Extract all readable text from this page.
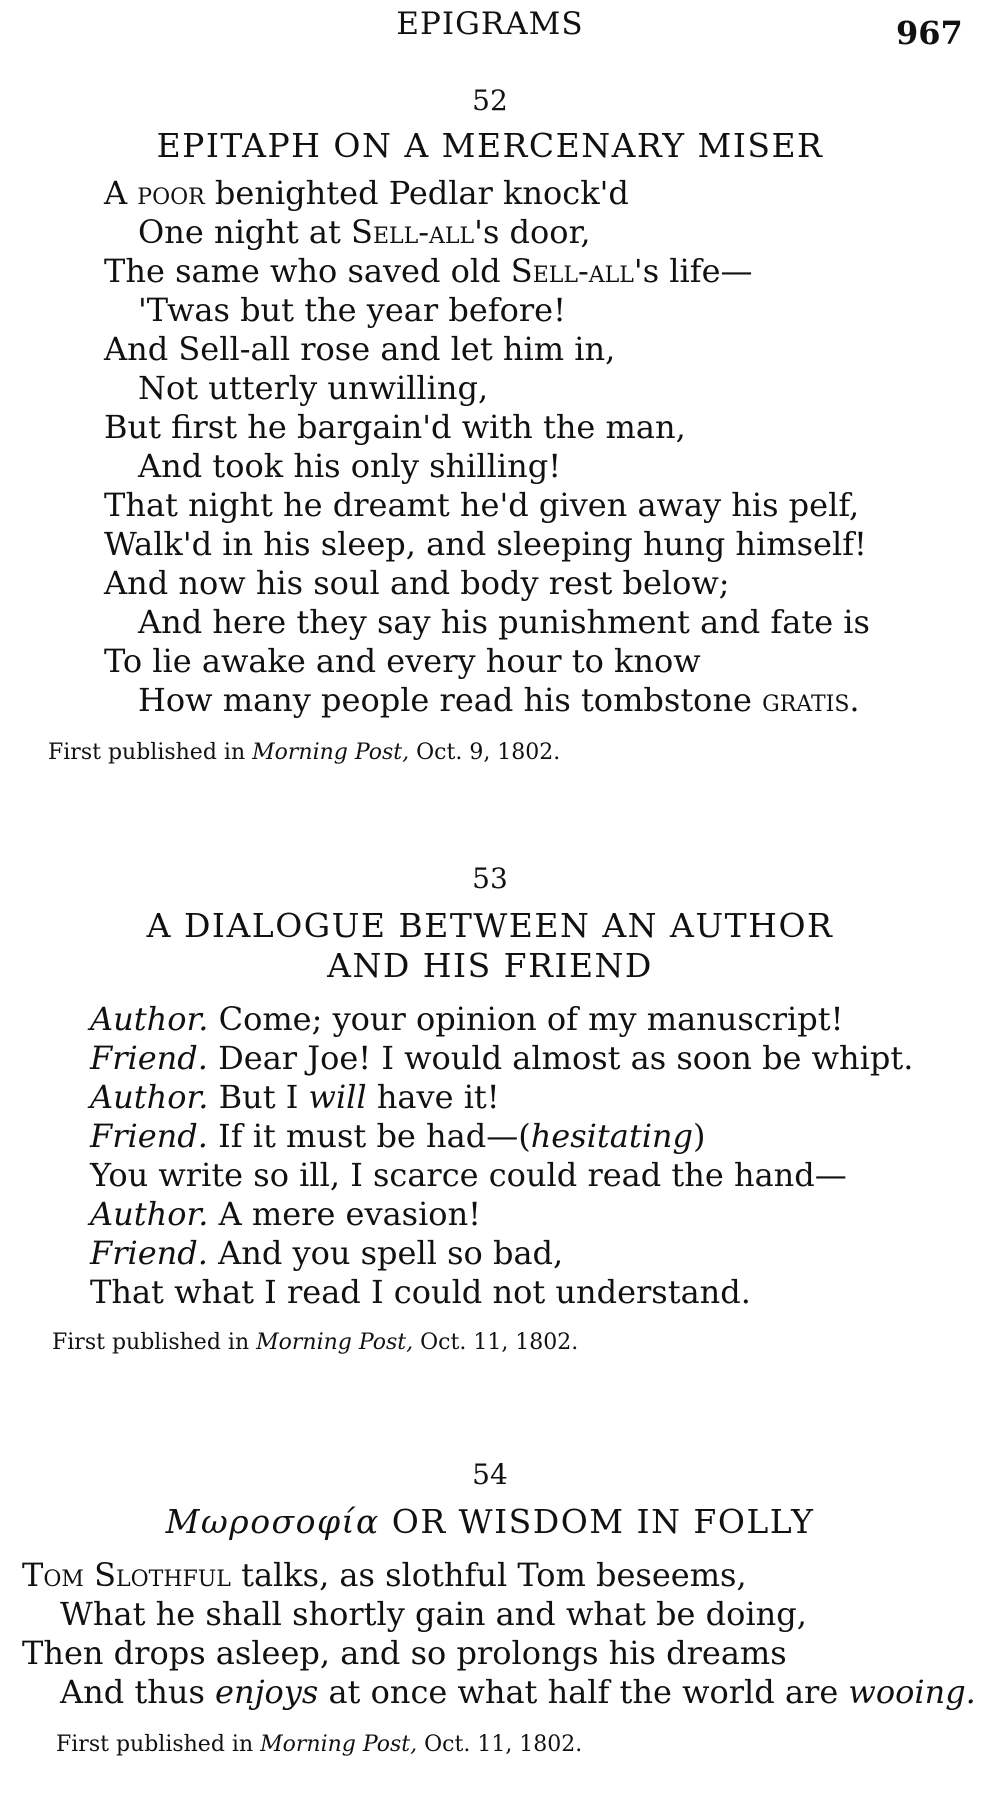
EPIGRAMS	967
52
EPITAPH ON A MERCENARY MISER
A poor benighted Pedlar knock'd
One night at Sell-all's door,
The same who saved old Sell-all's life—
'Twas but the year before!
And Sell-all rose and let him in,
Not utterly unwilling,
But first he bargain'd with the man,
And took his only shilling!
That night he dreamt he'd given away his pelf,
Walk'd in his sleep, and sleeping hung himself!
And now his soul and body rest below;
And here they say his punishment and fate is
To lie awake and every hour to know
How many people read his tombstone gratis.
First published in Morning Post, Oct. 9, 1802.
53
A DIALOGUE BETWEEN AN AUTHOR
AND HIS FRIEND
Author. Come; your opinion of my manuscript!
Friend. Dear Joe! I would almost as soon be whipt.
Author. But I will have it!
Friend. If it must be had—(hesitating)
You write so ill, I scarce could read the hand—
Author. A mere evasion!
Friend. And you spell so bad,
That what I read I could not understand.
First published in Morning Post, Oct. 11, 1802.
54
Μωροσοφία OR WISDOM IN FOLLY
Tom Slothful talks, as slothful Tom beseems,
What he shall shortly gain and what be doing,
Then drops asleep, and so prolongs his dreams
And thus enjoys at once what half the world are wooing.
First published in Morning Post, Oct. 11, 1802.
